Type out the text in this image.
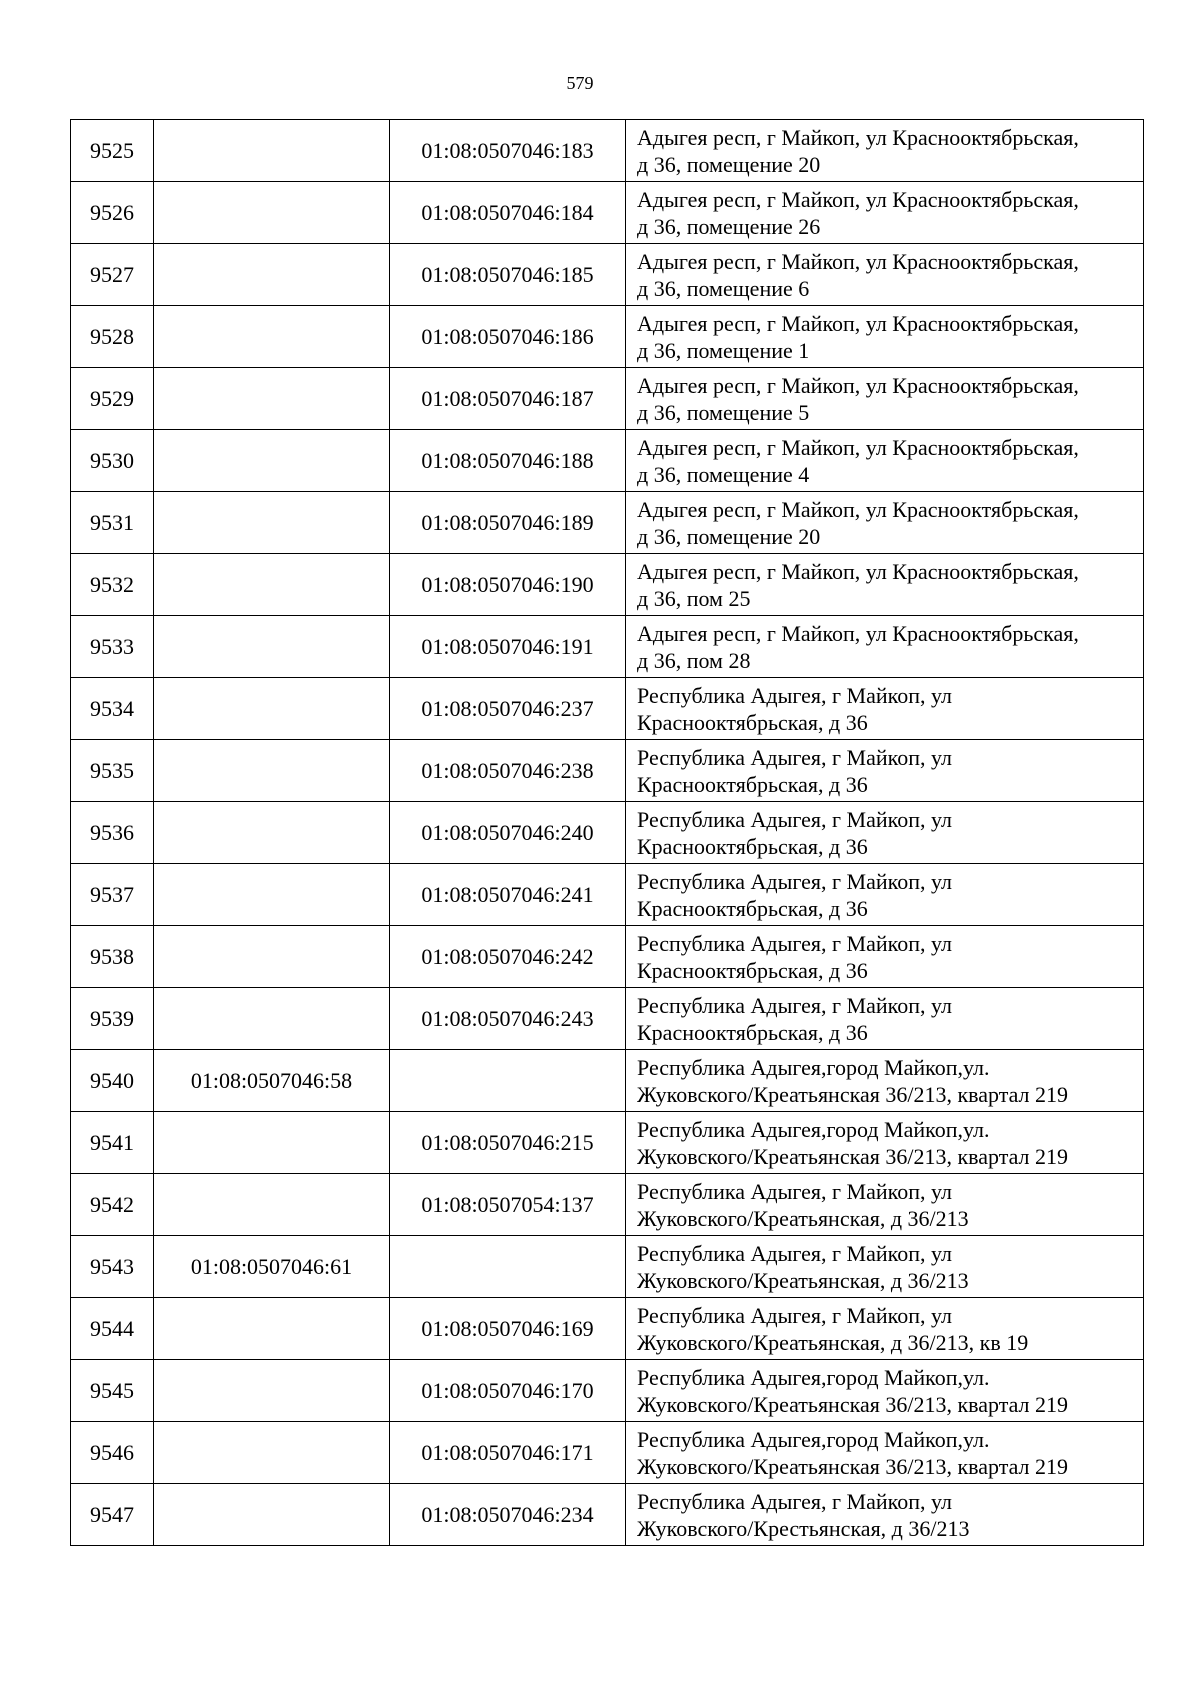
579
9525		01:08:0507046:183	Адыгея респ, г Майкоп, ул Краснооктябрьская,
д 36, помещение 20

9526		01:08:0507046:184	Адыгея респ, г Майкоп, ул Краснооктябрьская,
д 36, помещение 26

9527		01:08:0507046:185	Адыгея респ, г Майкоп, ул Краснооктябрьская,
д 36, помещение 6

9528		01:08:0507046:186	Адыгея респ, г Майкоп, ул Краснооктябрьская,
д 36, помещение 1

9529		01:08:0507046:187	Адыгея респ, г Майкоп, ул Краснооктябрьская,
д 36, помещение 5

9530		01:08:0507046:188	Адыгея респ, г Майкоп, ул Краснооктябрьская,
д 36, помещение 4

9531		01:08:0507046:189	Адыгея респ, г Майкоп, ул Краснооктябрьская,
д 36, помещение 20

9532		01:08:0507046:190	Адыгея респ, г Майкоп, ул Краснооктябрьская,
д 36, пом 25

9533		01:08:0507046:191	Адыгея респ, г Майкоп, ул Краснооктябрьская,
д 36, пом 28

9534		01:08:0507046:237	Республика Адыгея, г Майкоп, ул
Краснооктябрьская, д 36

9535		01:08:0507046:238	Республика Адыгея, г Майкоп, ул
Краснооктябрьская, д 36

9536		01:08:0507046:240	Республика Адыгея, г Майкоп, ул
Краснооктябрьская, д 36

9537		01:08:0507046:241	Республика Адыгея, г Майкоп, ул
Краснооктябрьская, д 36

9538		01:08:0507046:242	Республика Адыгея, г Майкоп, ул
Краснооктябрьская, д 36

9539		01:08:0507046:243	Республика Адыгея, г Майкоп, ул
Краснооктябрьская, д 36

9540	01:08:0507046:58		Республика Адыгея,город Майкоп,ул.
Жуковского/Креатьянская 36/213, квартал 219

9541		01:08:0507046:215	Республика Адыгея,город Майкоп,ул.
Жуковского/Креатьянская 36/213, квартал 219

9542		01:08:0507054:137	Республика Адыгея, г Майкоп, ул
Жуковского/Креатьянская, д 36/213

9543	01:08:0507046:61		Республика Адыгея, г Майкоп, ул
Жуковского/Креатьянская, д 36/213

9544		01:08:0507046:169	Республика Адыгея, г Майкоп, ул
Жуковского/Креатьянская, д 36/213, кв 19

9545		01:08:0507046:170	Республика Адыгея,город Майкоп,ул.
Жуковского/Креатьянская 36/213, квартал 219

9546		01:08:0507046:171	Республика Адыгея,город Майкоп,ул.
Жуковского/Креатьянская 36/213, квартал 219

9547		01:08:0507046:234	Республика Адыгея, г Майкоп, ул
Жуковского/Крестьянская, д 36/213
